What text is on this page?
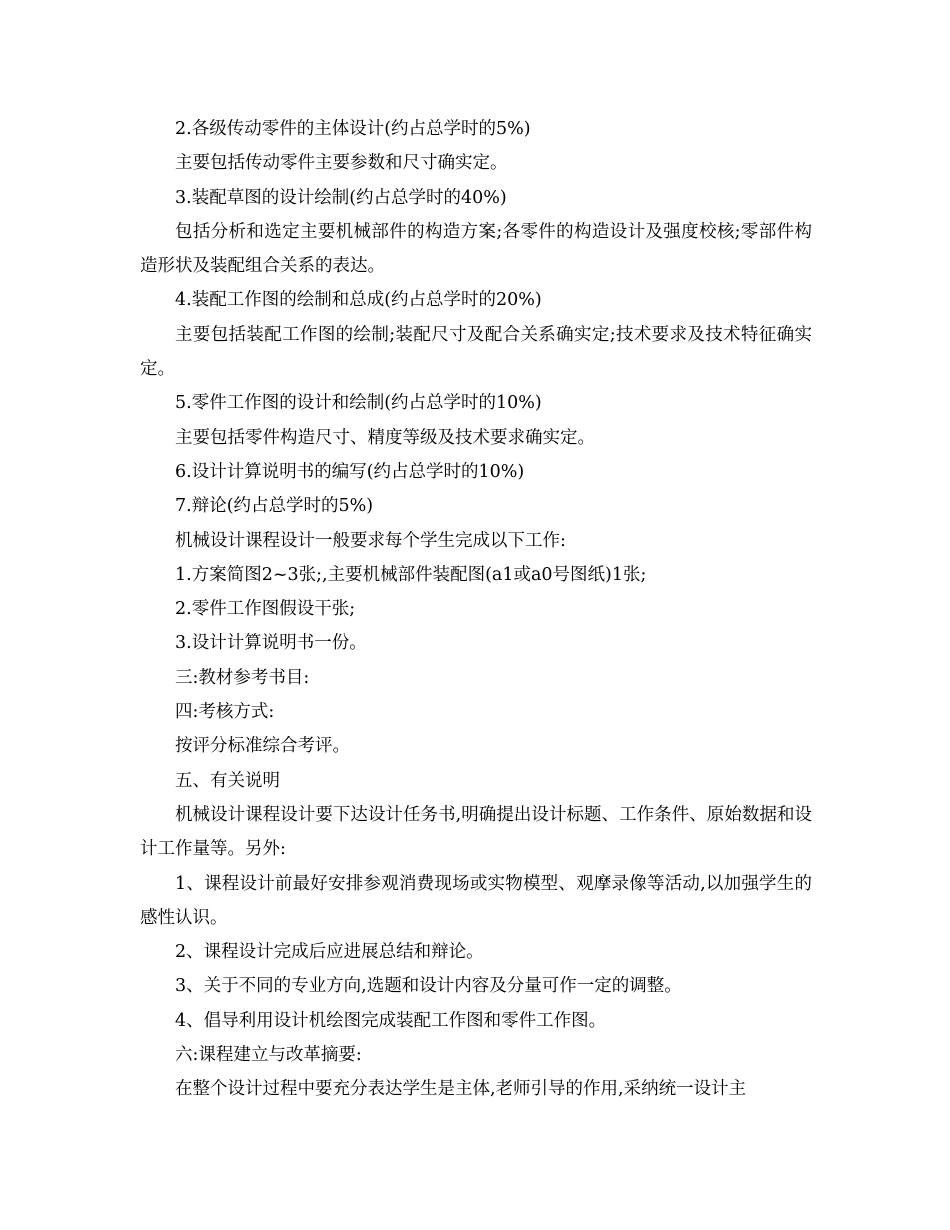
2.各级传动零件的主体设计(约占总学时的5%)

主要包括传动零件主要参数和尺寸确实定。

3.装配草图的设计绘制(约占总学时的40%)

包括分析和选定主要机械部件的构造方案;各零件的构造设计及强度校核;零部件构造形状及装配组合关系的表达。

4.装配工作图的绘制和总成(约占总学时的20%)

主要包括装配工作图的绘制;装配尺寸及配合关系确实定;技术要求及技术特征确实定。

5.零件工作图的设计和绘制(约占总学时的10%)

主要包括零件构造尺寸、精度等级及技术要求确实定。

6.设计计算说明书的编写(约占总学时的10%)

7.辩论(约占总学时的5%)

机械设计课程设计一般要求每个学生完成以下工作:

1.方案简图2~3张;,主要机械部件装配图(a1或a0号图纸)1张;

2.零件工作图假设干张;

3.设计计算说明书一份。

三:教材参考书目:

四:考核方式:

按评分标准综合考评。

五、有关说明

机械设计课程设计要下达设计任务书,明确提出设计标题、工作条件、原始数据和设计工作量等。另外:

1、课程设计前最好安排参观消费现场或实物模型、观摩录像等活动,以加强学生的感性认识。

2、课程设计完成后应进展总结和辩论。

3、关于不同的专业方向,选题和设计内容及分量可作一定的调整。

4、倡导利用设计机绘图完成装配工作图和零件工作图。

六:课程建立与改革摘要:

在整个设计过程中要充分表达学生是主体,老师引导的作用,采纳统一设计主
